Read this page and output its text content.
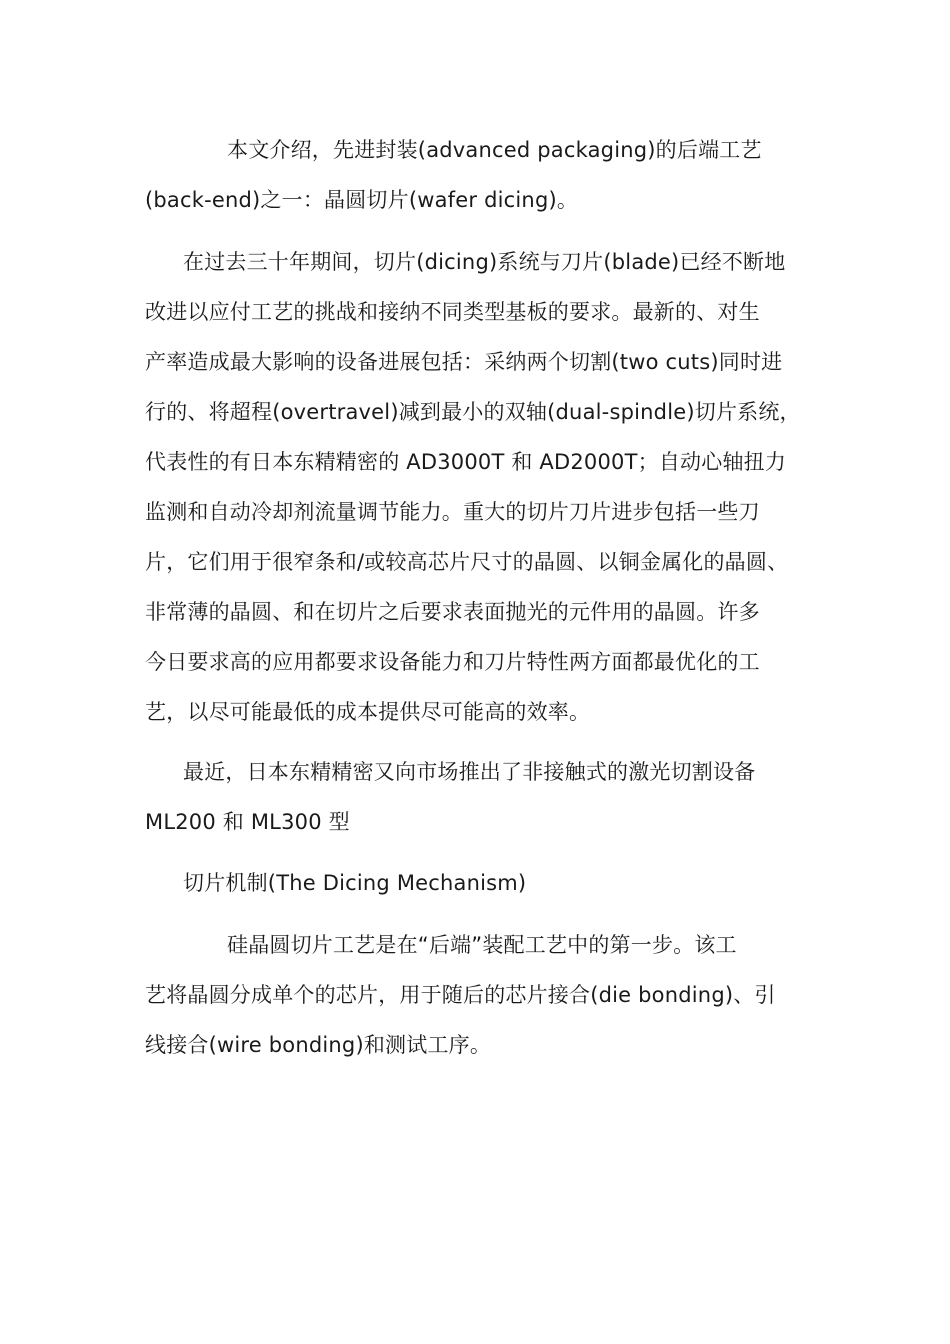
本文介绍，先进封装(advanced packaging)的后端工艺
(back-end)之一：晶圆切片(wafer dicing)。

在过去三十年期间，切片(dicing)系统与刀片(blade)已经不断地
改进以应付工艺的挑战和接纳不同类型基板的要求。最新的、对生
产率造成最大影响的设备进展包括：采纳两个切割(two cuts)同时进
行的、将超程(overtravel)减到最小的双轴(dual-spindle)切片系统，
代表性的有日本东精精密的 AD3000T 和 AD2000T；自动心轴扭力
监测和自动冷却剂流量调节能力。重大的切片刀片进步包括一些刀
片，它们用于很窄条和/或较高芯片尺寸的晶圆、以铜金属化的晶圆、
非常薄的晶圆、和在切片之后要求表面抛光的元件用的晶圆。许多
今日要求高的应用都要求设备能力和刀片特性两方面都最优化的工
艺，以尽可能最低的成本提供尽可能高的效率。

最近，日本东精精密又向市场推出了非接触式的激光切割设备
ML200 和 ML300 型

切片机制(The Dicing Mechanism)

硅晶圆切片工艺是在“后端”装配工艺中的第一步。该工
艺将晶圆分成单个的芯片，用于随后的芯片接合(die bonding)、引
线接合(wire bonding)和测试工序。
